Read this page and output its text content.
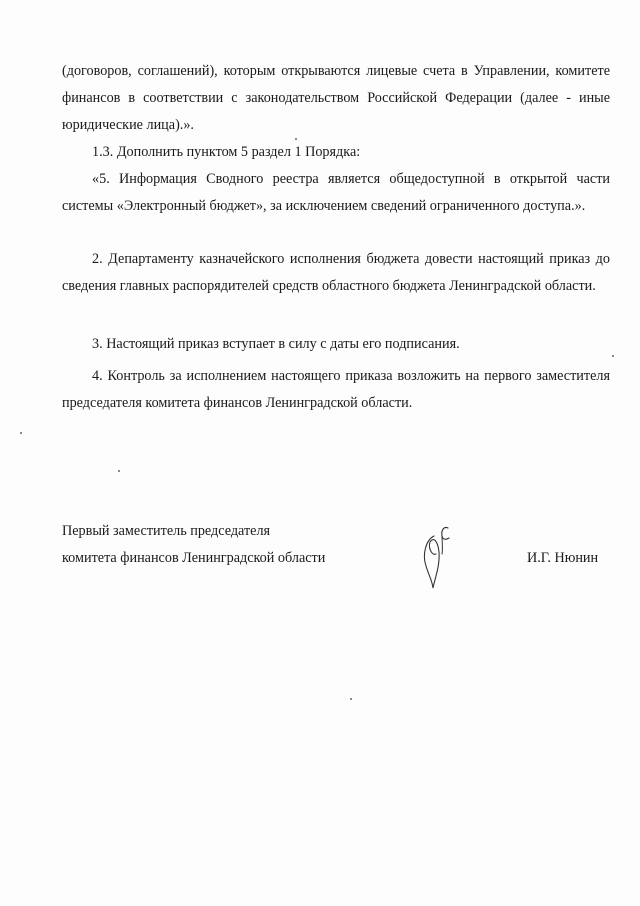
(договоров, соглашений), которым открываются лицевые счета в Управлении, комитете финансов в соответствии с законодательством Российской Федерации (далее - иные юридические лица).».

1.3. Дополнить пунктом 5 раздел 1 Порядка:

«5. Информация Сводного реестра является общедоступной в открытой части системы «Электронный бюджет», за исключением сведений ограниченного доступа.».

2. Департаменту казначейского исполнения бюджета довести настоящий приказ до сведения главных распорядителей средств областного бюджета Ленинградской области.

3. Настоящий приказ вступает в силу с даты его подписания.

4. Контроль за исполнением настоящего приказа возложить на первого заместителя председателя комитета финансов Ленинградской области.

Первый заместитель председателя
комитета финансов Ленинградской области	И.Г. Нюнин
